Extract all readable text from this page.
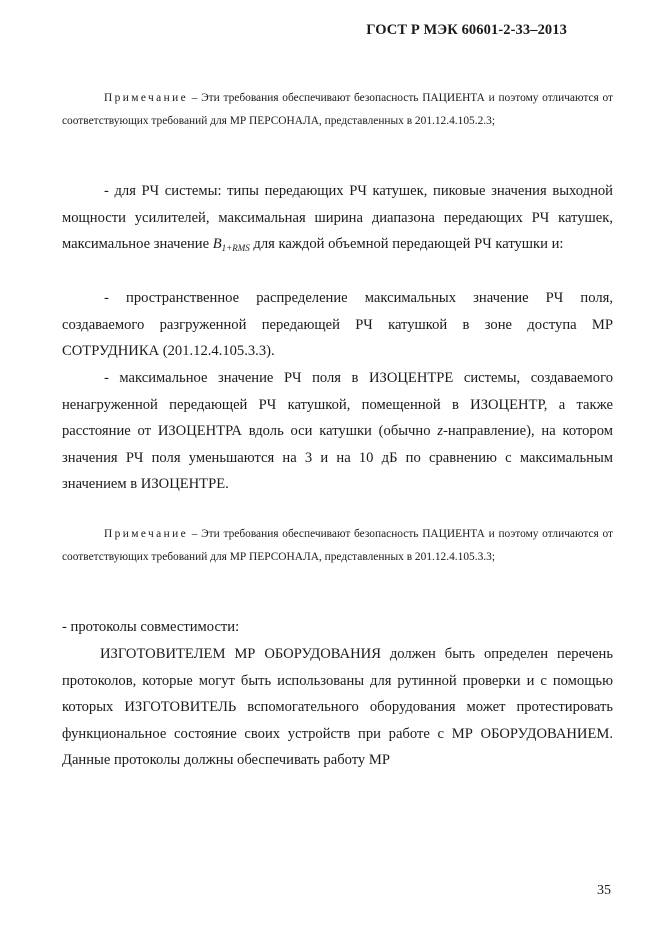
ГОСТ Р МЭК 60601-2-33–2013

Примечание – Эти требования обеспечивают безопасность ПАЦИЕНТА и поэтому отличаются от соответствующих требований для МР ПЕРСОНАЛА, представленных в 201.12.4.105.2.3;

- для РЧ системы: типы передающих РЧ катушек, пиковые значения выходной мощности усилителей, максимальная ширина диапазона передающих РЧ катушек, максимальное значение $B_{1+RMS}$ для каждой объемной передающей РЧ катушки и:

- пространственное распределение максимальных значение РЧ поля, создаваемого разгруженной передающей РЧ катушкой в зоне доступа МР СОТРУДНИКА (201.12.4.105.3.3).

- максимальное значение РЧ поля в ИЗОЦЕНТРЕ системы, создаваемого ненагруженной передающей РЧ катушкой, помещенной в ИЗОЦЕНТР, а также расстояние от ИЗОЦЕНТРА вдоль оси катушки (обычно z-направление), на котором значения РЧ поля уменьшаются на 3 и на 10 дБ по сравнению с максимальным значением в ИЗОЦЕНТРЕ.

Примечание – Эти требования обеспечивают безопасность ПАЦИЕНТА и поэтому отличаются от соответствующих требований для МР ПЕРСОНАЛА, представленных в 201.12.4.105.3.3;

- протоколы совместимости:

ИЗГОТОВИТЕЛЕМ МР ОБОРУДОВАНИЯ должен быть определен перечень протоколов, которые могут быть использованы для рутинной проверки и с помощью которых ИЗГОТОВИТЕЛЬ вспомогательного оборудования может протестировать функциональное состояние своих устройств при работе с МР ОБОРУДОВАНИЕМ. Данные протоколы должны обеспечивать работу МР

35
